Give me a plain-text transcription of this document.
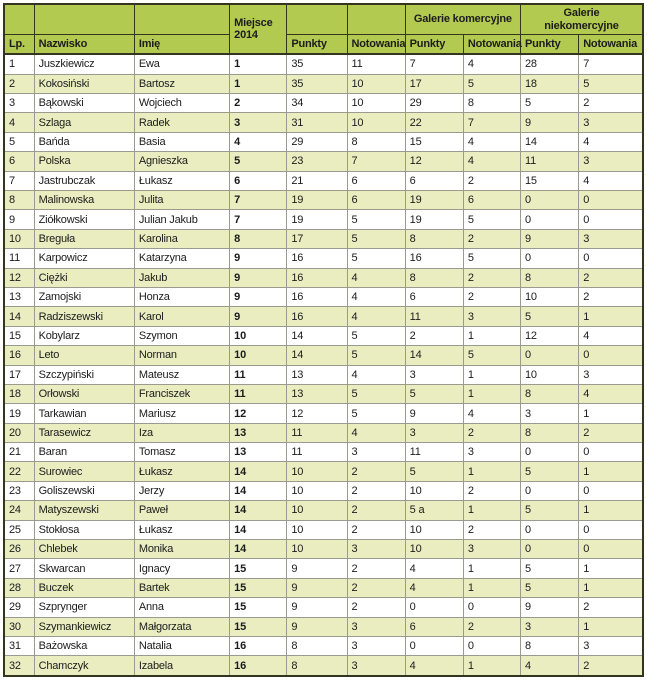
			Miejsce 2014			Galerie komercyjne		Galerie niekomercyjne	
Lp.	Nazwisko	Imię		Punkty	Notowania	Punkty	Notowania	Punkty	Notowania
1	Juszkiewicz	Ewa	1	35	11	7	4	28	7
2	Kokosiński	Bartosz	1	35	10	17	5	18	5
3	Bąkowski	Wojciech	2	34	10	29	8	5	2
4	Szlaga	Radek	3	31	10	22	7	9	3
5	Bańda	Basia	4	29	8	15	4	14	4
6	Polska	Agnieszka	5	23	7	12	4	11	3
7	Jastrubczak	Łukasz	6	21	6	6	2	15	4
8	Malinowska	Julita	7	19	6	19	6	0	0
9	Ziółkowski	Julian Jakub	7	19	5	19	5	0	0
10	Breguła	Karolina	8	17	5	8	2	9	3
11	Karpowicz	Katarzyna	9	16	5	16	5	0	0
12	Ciężki	Jakub	9	16	4	8	2	8	2
13	Zamojski	Honza	9	16	4	6	2	10	2
14	Radziszewski	Karol	9	16	4	11	3	5	1
15	Kobylarz	Szymon	10	14	5	2	1	12	4
16	Leto	Norman	10	14	5	14	5	0	0
17	Szczypiński	Mateusz	11	13	4	3	1	10	3
18	Orłowski	Franciszek	11	13	5	5	1	8	4
19	Tarkawian	Mariusz	12	12	5	9	4	3	1
20	Tarasewicz	Iza	13	11	4	3	2	8	2
21	Baran	Tomasz	13	11	3	11	3	0	0
22	Surowiec	Łukasz	14	10	2	5	1	5	1
23	Goliszewski	Jerzy	14	10	2	10	2	0	0
24	Matyszewski	Paweł	14	10	2	5 a	1	5	1
25	Stokłosa	Łukasz	14	10	2	10	2	0	0
26	Chlebek	Monika	14	10	3	10	3	0	0
27	Skwarcan	Ignacy	15	9	2	4	1	5	1
28	Buczek	Bartek	15	9	2	4	1	5	1
29	Szprynger	Anna	15	9	2	0	0	9	2
30	Szymankiewicz	Małgorzata	15	9	3	6	2	3	1
31	Bażowska	Natalia	16	8	3	0	0	8	3
32	Chamczyk	Izabela	16	8	3	4	1	4	2
